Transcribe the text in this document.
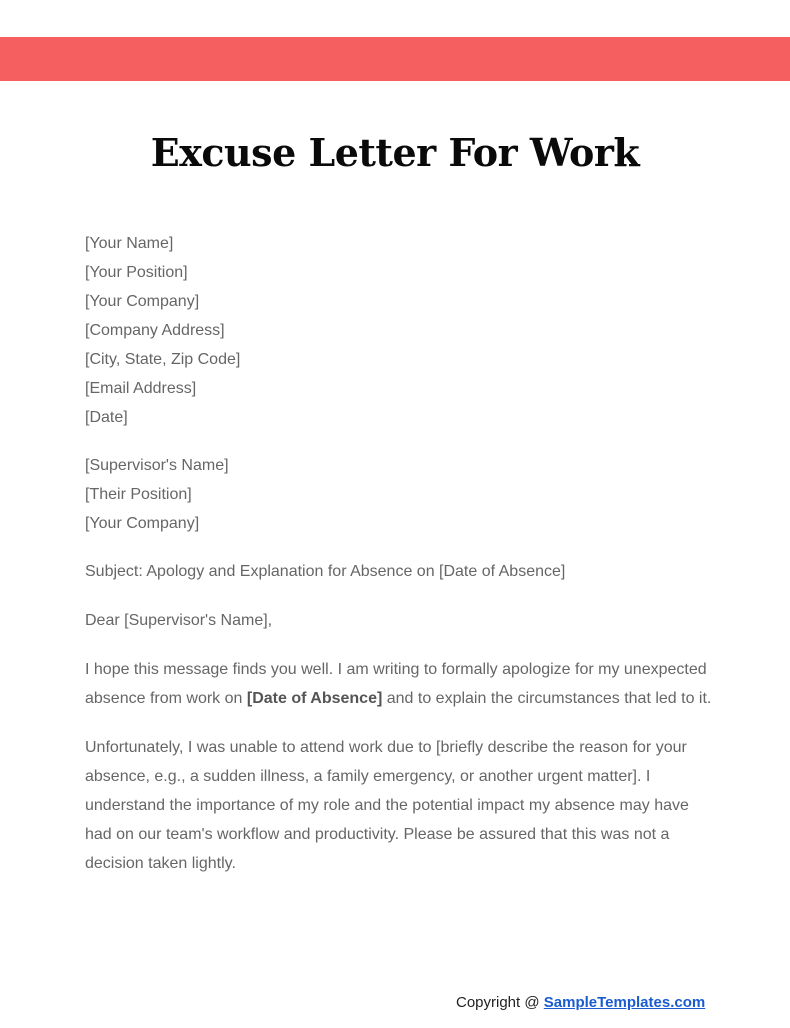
Excuse Letter For Work
[Your Name]
[Your Position]
[Your Company]
[Company Address]
[City, State, Zip Code]
[Email Address]
[Date]
[Supervisor's Name]
[Their Position]
[Your Company]

Subject: Apology and Explanation for Absence on [Date of Absence]

Dear [Supervisor's Name],

I hope this message finds you well. I am writing to formally apologize for my unexpected absence from work on [Date of Absence] and to explain the circumstances that led to it.

Unfortunately, I was unable to attend work due to [briefly describe the reason for your absence, e.g., a sudden illness, a family emergency, or another urgent matter]. I understand the importance of my role and the potential impact my absence may have had on our team's workflow and productivity. Please be assured that this was not a decision taken lightly.

Copyright @ SampleTemplates.com
